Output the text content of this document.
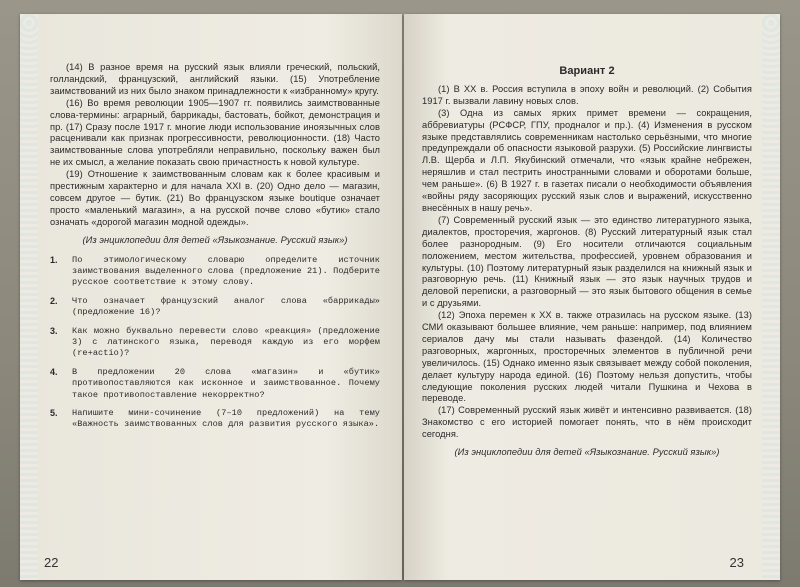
(14) В разное время на русский язык влияли греческий, польский, голландский, французский, английский языки. (15) Употребление заимствований из них было знаком принадлежности к «избранному» кругу.

(16) Во время революции 1905—1907 гг. появились заимствованные слова-термины: аграрный, баррикады, бастовать, бойкот, демонстрация и пр. (17) Сразу после 1917 г. многие люди использование иноязычных слов расценивали как признак прогрессивности, революционности. (18) Часто заимствованные слова употребляли неправильно, поскольку важен был не их смысл, а желание показать свою причастность к новой культуре.

(19) Отношение к заимствованным словам как к более красивым и престижным характерно и для начала XXI в. (20) Одно дело — магазин, совсем другое — бутик. (21) Во французском языке boutique означает просто «маленький магазин», а на русской почве слово «бутик» стало означать «дорогой магазин модной одежды».

(Из энциклопедии для детей «Языкознание. Русский язык»)

1.	По этимологическому словарю определите источник заимствования выделенного слова (предложение 21). Подберите русское соответствие к этому слову.
2.	Что означает французский аналог слова «баррикады» (предложение 16)?
3.	Как можно буквально перевести слово «реакция» (предложение 3) с латинского языка, переводя каждую из его морфем (re+actio)?
4.	В предложении 20 слова «магазин» и «бутик» противопоставляются как исконное и заимствованное. Почему такое противопоставление некорректно?
5.	Напишите мини-сочинение (7–10 предложений) на тему «Важность заимствованных слов для развития русского языка».
22
Вариант 2

(1) В XX в. Россия вступила в эпоху войн и революций. (2) События 1917 г. вызвали лавину новых слов.

(3) Одна из самых ярких примет времени — сокращения, аббревиатуры (РСФСР, ГПУ, продналог и пр.). (4) Изменения в русском языке представлялись современникам настолько серьёзными, что многие предупреждали об опасности языковой разрухи. (5) Российские лингвисты Л.В. Щерба и Л.П. Якубинский отмечали, что «язык крайне небрежен, неряшлив и стал пестрить иностранными словами и оборотами больше, чем раньше». (6) В 1927 г. в газетах писали о необходимости объявления «войны ряду засоряющих русский язык слов и выражений, искусственно внесённых в нашу речь».

(7) Современный русский язык — это единство литературного языка, диалектов, просторечия, жаргонов. (8) Русский литературный язык стал более разнородным. (9) Его носители отличаются социальным положением, местом жительства, профессией, уровнем образования и культуры. (10) Поэтому литературный язык разделился на книжный язык и разговорную речь. (11) Книжный язык — это язык научных трудов и деловой переписки, а разговорный — это язык бытового общения в семье и с друзьями.

(12) Эпоха перемен к XX в. также отразилась на русском языке. (13) СМИ оказывают большее влияние, чем раньше: например, под влиянием сериалов дачу мы стали называть фазендой. (14) Количество разговорных, жаргонных, просторечных элементов в публичной речи увеличилось. (15) Однако именно язык связывает между собой поколения, делает культуру народа единой. (16) Поэтому нельзя допустить, чтобы следующие поколения русских людей читали Пушкина и Чехова в переводе.

(17) Современный русский язык живёт и интенсивно развивается. (18) Знакомство с его историей помогает понять, что в нём происходит сегодня.

(Из энциклопедии для детей «Языкознание. Русский язык»)

23
